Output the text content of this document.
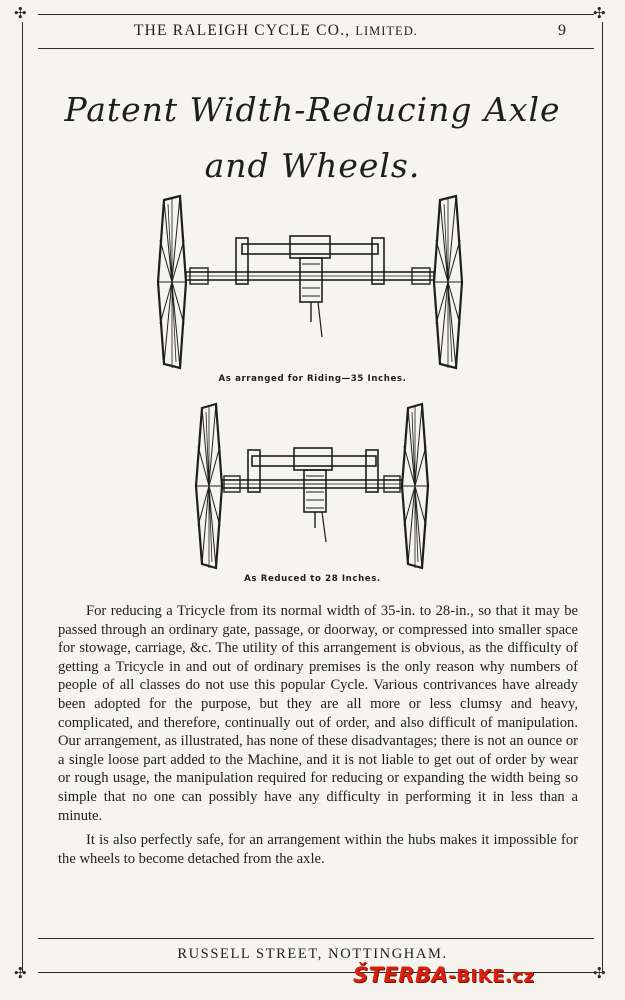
✣	✣
✣	✣
THE RALEIGH CYCLE CO., LIMITED.	9
Patent Width-Reducing Axle
and Wheels.
As arranged for Riding—35 Inches.
As Reduced to 28 Inches.

For reducing a Tricycle from its normal width of 35-in. to 28-in., so that it may be passed through an ordinary gate, passage, or doorway, or compressed into smaller space for stowage, carriage, &c. The utility of this arrangement is obvious, as the difficulty of getting a Tricycle in and out of ordinary premises is the only reason why numbers of people of all classes do not use this popular Cycle. Various contrivances have already been adopted for the purpose, but they are all more or less clumsy and heavy, complicated, and therefore, continually out of order, and also difficult of manipulation. Our arrangement, as illustrated, has none of these disadvantages; there is not an ounce or a single loose part added to the Machine, and it is not liable to get out of order by wear or rough usage, the manipulation required for reducing or expanding the width being so simple that no one can possibly have any difficulty in performing it in less than a minute.

It is also perfectly safe, for an arrangement within the hubs makes it impossible for the wheels to become detached from the axle.

RUSSELL STREET, NOTTINGHAM.
ŠTERBA-BIKE.cz
